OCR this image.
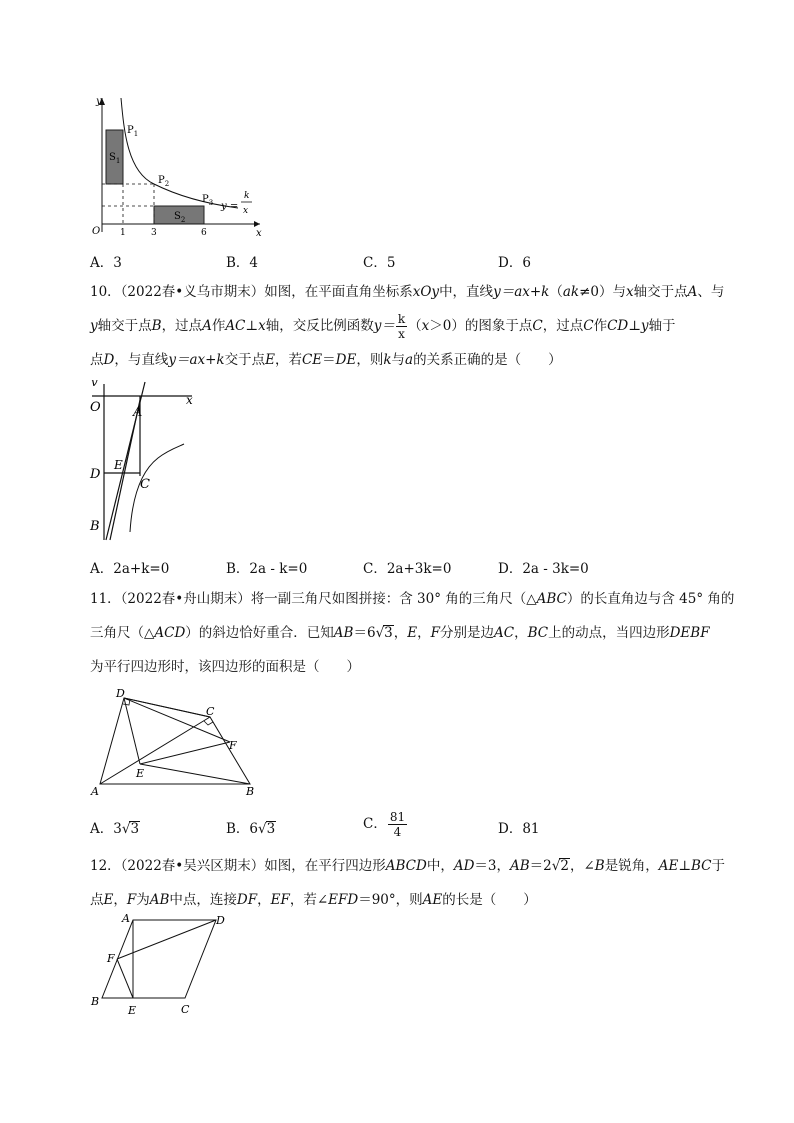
y
x
O 1	3	6
$P_1$
$P_2$
$P_3$
$S_1$
$S_2$
y =
k
x
A．3	B．4	C．5	D．6
10．（2022春•义乌市期末）如图，在平面直角坐标系xOy中，直线y＝ax+k（ak≠0）与x轴交于点A、与
y轴交于点B，过点A作AC⊥x轴，交反比例函数$y= \frac{k}{x} (x>0)$的图象于点C，过点C作CD⊥y轴于
点D，与直线y＝ax+k交于点E，若CE＝DE，则k与a的关系正确的是（　　）
v
x
O A
D
E
C
B
A．2a+k=0	B．2a - k=0	C．2a+3k=0	D．2a - 3k=0
11．（2022春•舟山期末）将一副三角尺如图拼接：含 30° 角的三角尺（△ABC）的长直角边与含 45° 角的
三角尺（△ACD）的斜边恰好重合．已知AB＝6√3，E，F分别是边AC，BC上的动点，当四边形DEBF
为平行四边形时，该四边形的面积是（　　）
D
C
F
E
A	B
A．3√3	B．6√3	C． $\frac{81}{4}$	D．81
12．（2022春•吴兴区期末）如图，在平行四边形ABCD中，AD＝3，AB＝2√2，∠B是锐角，AE⊥BC于
点E，F为AB中点，连接DF，EF，若∠EFD＝90°，则AE的长是（　　）
A	D
F
B
E	C
